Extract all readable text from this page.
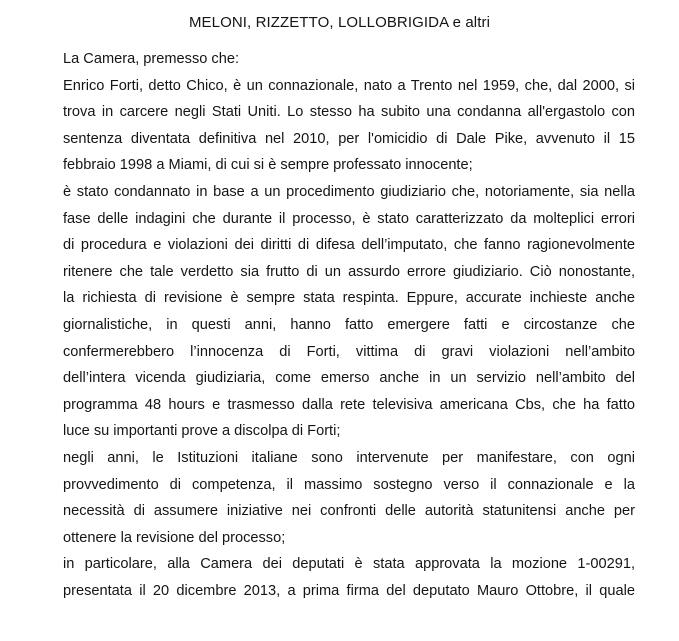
MELONI, RIZZETTO, LOLLOBRIGIDA e altri
La Camera, premesso che:
Enrico Forti, detto Chico, è un connazionale, nato a Trento nel 1959, che, dal 2000, si
trova in carcere negli Stati Uniti. Lo stesso ha subito una condanna all'ergastolo con
sentenza diventata definitiva nel 2010, per l'omicidio di Dale Pike, avvenuto il 15
febbraio 1998 a Miami, di cui si è sempre professato innocente;
è stato condannato in base a un procedimento giudiziario che, notoriamente, sia nella
fase delle indagini che durante il processo, è stato caratterizzato da molteplici errori
di procedura e violazioni dei diritti di difesa dell’imputato, che fanno ragionevolmente
ritenere che tale verdetto sia frutto di un assurdo errore giudiziario. Ciò nonostante,
la richiesta di revisione è sempre stata respinta. Eppure, accurate inchieste anche
giornalistiche, in questi anni, hanno fatto emergere fatti e circostanze che
confermerebbero l’innocenza di Forti, vittima di gravi violazioni nell’ambito
dell’intera vicenda giudiziaria, come emerso anche in un servizio nell’ambito del
programma 48 hours e trasmesso dalla rete televisiva americana Cbs, che ha fatto
luce su importanti prove a discolpa di Forti;
negli anni, le Istituzioni italiane sono intervenute per manifestare, con ogni
provvedimento di competenza, il massimo sostegno verso il connazionale e la
necessità di assumere iniziative nei confronti delle autorità statunitensi anche per
ottenere la revisione del processo;
in particolare, alla Camera dei deputati è stata approvata la mozione 1-00291,
presentata il 20 dicembre 2013, a prima firma del deputato Mauro Ottobre, il quale
